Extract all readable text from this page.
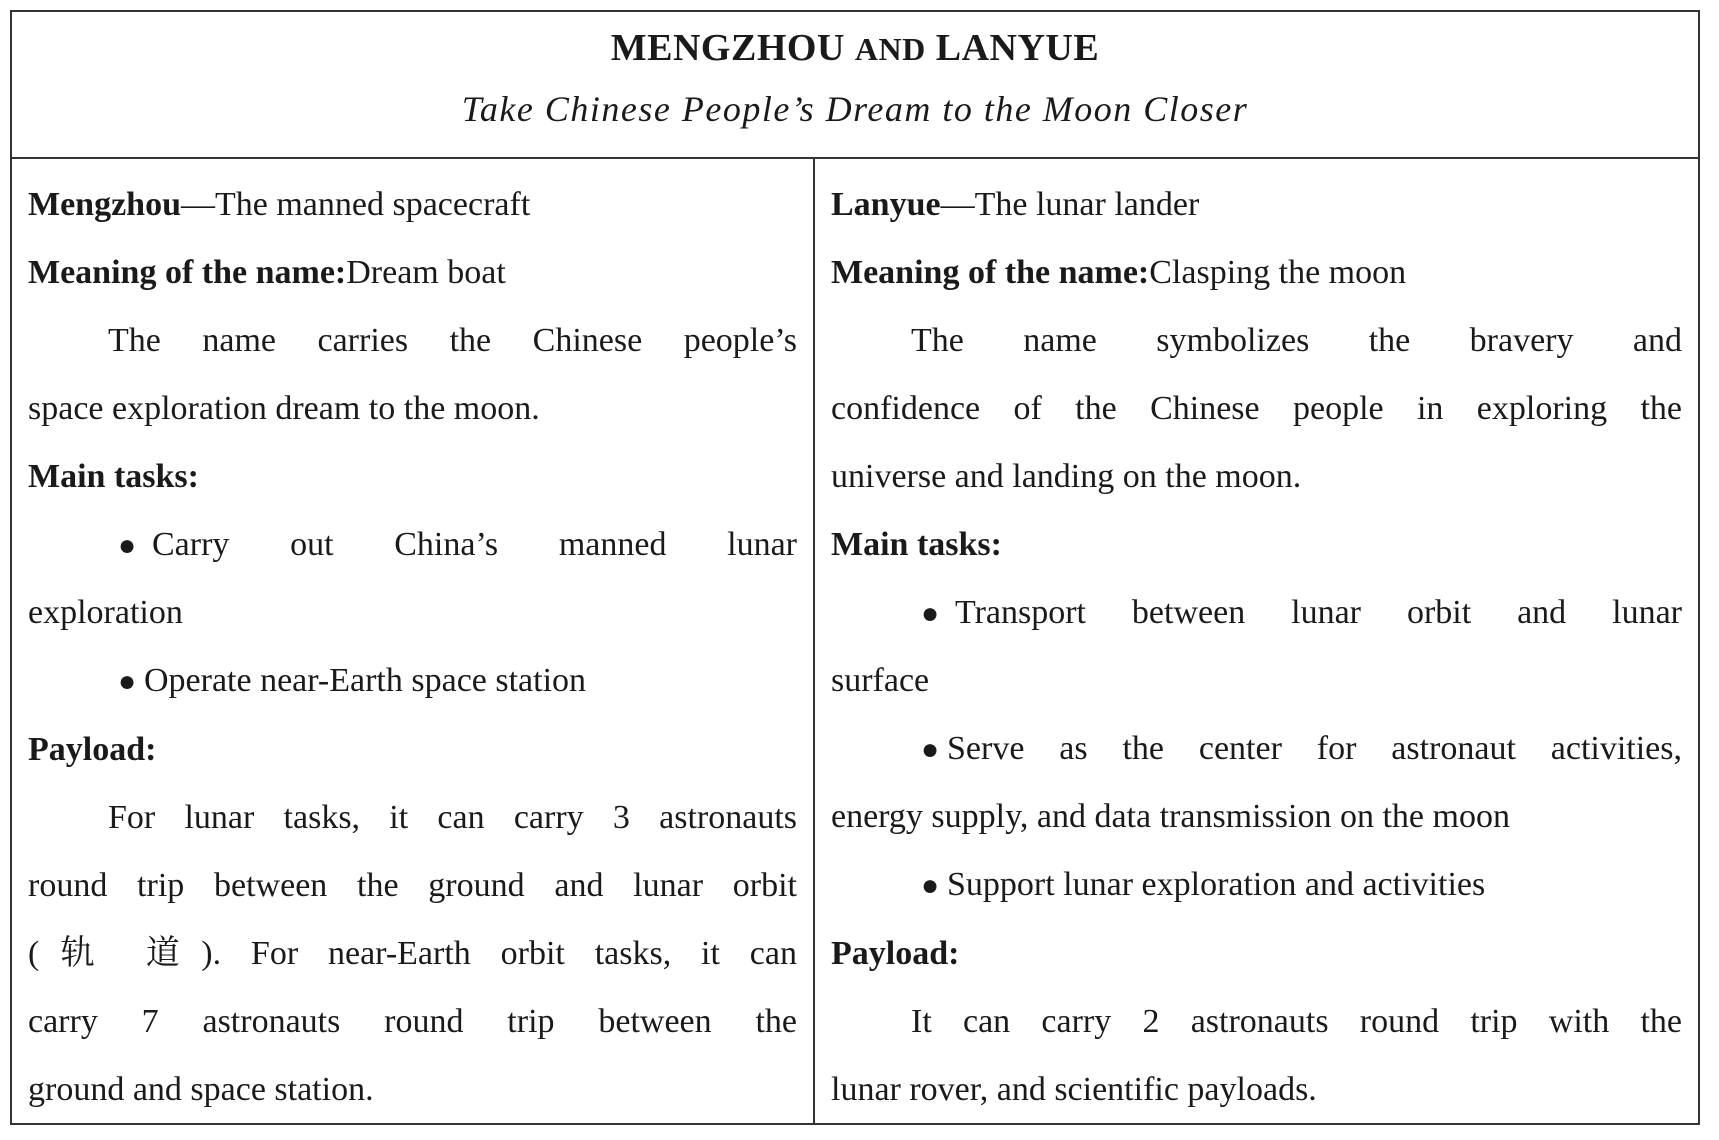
MENGZHOU AND LANYUE
Take Chinese People’s Dream to the Moon Closer
Mengzhou—The manned spacecraft
Meaning of the name:Dream boat
The name carries the Chinese people’s
space exploration dream to the moon.
Main tasks:
● Carry out China’s manned lunar
exploration
● Operate near-Earth space station
Payload:
For lunar tasks, it can carry 3 astronauts
round trip between the ground and lunar orbit
(轨 道). For near-Earth orbit tasks, it can
carry 7 astronauts round trip between the
ground and space station.
Lanyue—The lunar lander
Meaning of the name:Clasping the moon
The name symbolizes the bravery and
confidence of the Chinese people in exploring the
universe and landing on the moon.
Main tasks:
● Transport between lunar orbit and lunar
surface
● Serve as the center for astronaut activities,
energy supply, and data transmission on the moon
● Support lunar exploration and activities
Payload:
It can carry 2 astronauts round trip with the
lunar rover, and scientific payloads.
